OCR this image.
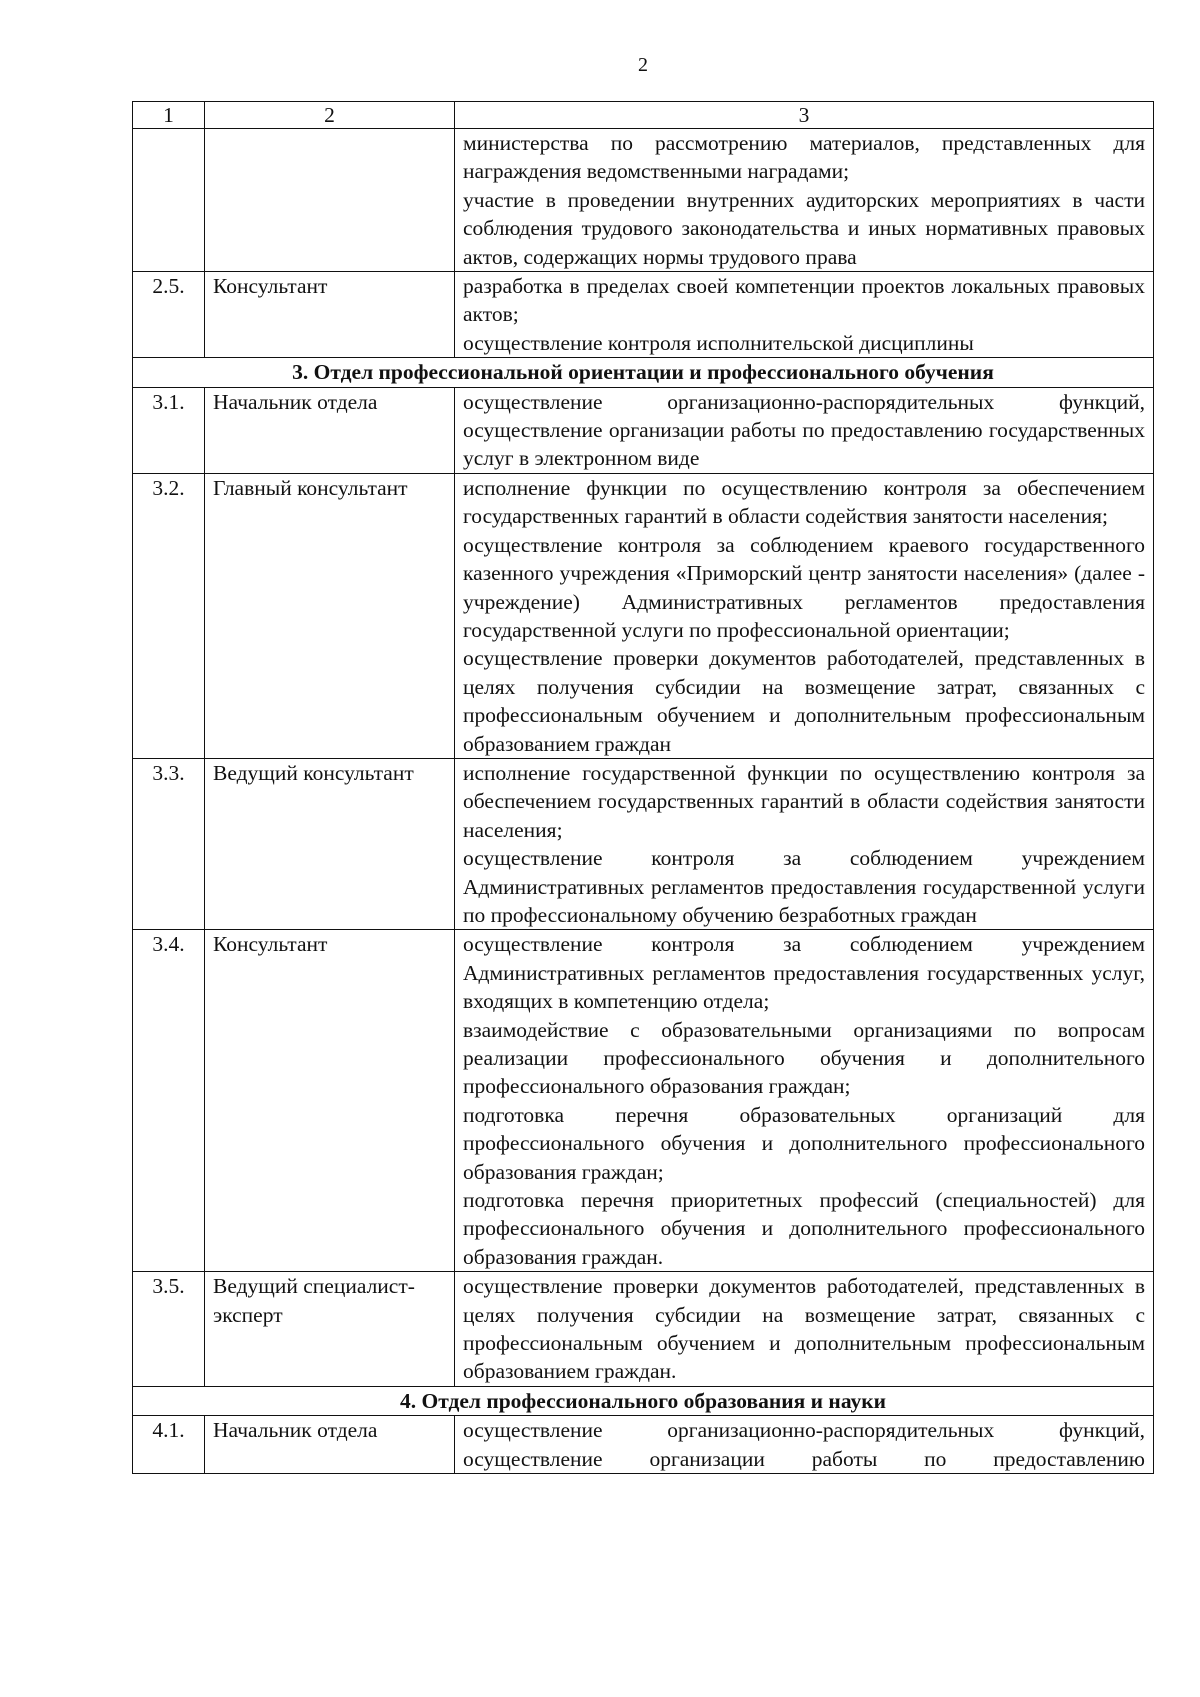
2
1	2	3

		министерства по рассмотрению материалов, представленных для награждения ведомственными наградами;
участие в проведении внутренних аудиторских мероприятиях в части соблюдения трудового законодательства и иных нормативных правовых актов, содержащих нормы трудового права

2.5.	Консультант	разработка в пределах своей компетенции проектов локальных правовых актов;
осуществление контроля исполнительской дисциплины

3. Отдел профессиональной ориентации и профессионального обучения		
3.1.	Начальник отдела	осуществление организационно-распорядительных функций, осуществление организации работы по предоставлению государственных услуг в электронном виде

3.2.	Главный консультант	исполнение функции по осуществлению контроля за обеспечением государственных гарантий в области содействия занятости населения;
осуществление контроля за соблюдением краевого государственного казенного учреждения «Приморский центр занятости населения» (далее - учреждение) Административных регламентов предоставления государственной услуги по профессиональной ориентации;
осуществление проверки документов работодателей, представленных в целях получения субсидии на возмещение затрат, связанных с профессиональным обучением и дополнительным профессиональным образованием граждан

3.3.	Ведущий консультант	исполнение государственной функции по осуществлению контроля за обеспечением государственных гарантий в области содействия занятости населения;
осуществление контроля за соблюдением учреждением Административных регламентов предоставления государственной услуги по профессиональному обучению безработных граждан

3.4.	Консультант	осуществление контроля за соблюдением учреждением Административных регламентов предоставления государственных услуг, входящих в компетенцию отдела;
взаимодействие с образовательными организациями по вопросам реализации профессионального обучения и дополнительного профессионального образования граждан;
подготовка перечня образовательных организаций для профессионального обучения и дополнительного профессионального образования граждан;
подготовка перечня приоритетных профессий (специальностей) для профессионального обучения и дополнительного профессионального образования граждан.

3.5.	Ведущий специалист-эксперт	осуществление проверки документов работодателей, представленных в целях получения субсидии на возмещение затрат, связанных с профессиональным обучением и дополнительным профессиональным образованием граждан.

4. Отдел профессионального образования и науки		
4.1.	Начальник отдела	осуществление организационно-распорядительных функций, осуществление организации работы по предоставлению
